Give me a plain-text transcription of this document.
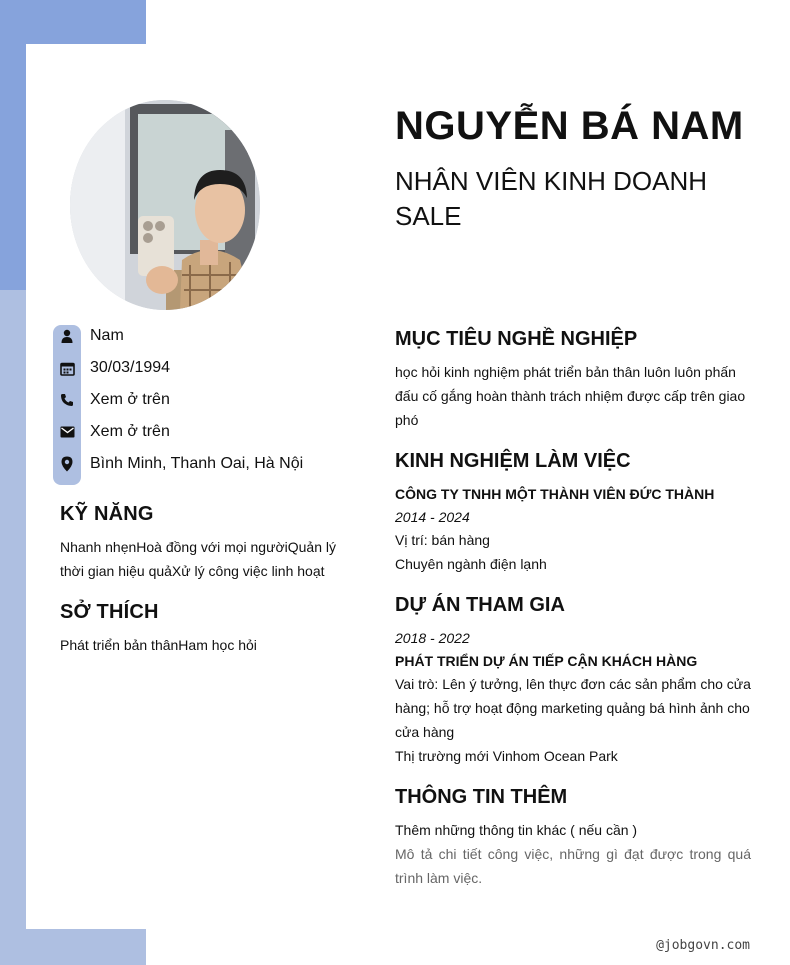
Nam
30/03/1994
Xem ở trên
Xem ở trên
Bình Minh, Thanh Oai, Hà Nội
KỸ NĂNG
Nhanh nhẹnHoà đồng với mọi ngườiQuản lý thời gian hiệu quảXử lý công việc linh hoạt
SỞ THÍCH
Phát triển bản thânHam học hỏi
NGUYỄN BÁ NAM
NHÂN VIÊN KINH DOANH SALE
MỤC TIÊU NGHỀ NGHIỆP
học hỏi kinh nghiệm phát triển bản thân luôn luôn phấn đấu cố gắng hoàn thành trách nhiệm được cấp trên giao phó
KINH NGHIỆM LÀM VIỆC
CÔNG TY TNHH MỘT THÀNH VIÊN ĐỨC THÀNH
2014 - 2024
Vị trí: bán hàng
Chuyên ngành điện lạnh
DỰ ÁN THAM GIA
2018 - 2022
PHÁT TRIỂN DỰ ÁN TIẾP CẬN KHÁCH HÀNG
Vai trò: Lên ý tưởng, lên thực đơn các sản phẩm cho cửa hàng; hỗ trợ hoạt động marketing quảng bá hình ảnh cho cửa hàng
Thị trường mới Vinhom Ocean Park
THÔNG TIN THÊM
Thêm những thông tin khác ( nếu cần )
Mô tả chi tiết công việc, những gì đạt được trong quá trình làm việc.
@jobgovn.com
